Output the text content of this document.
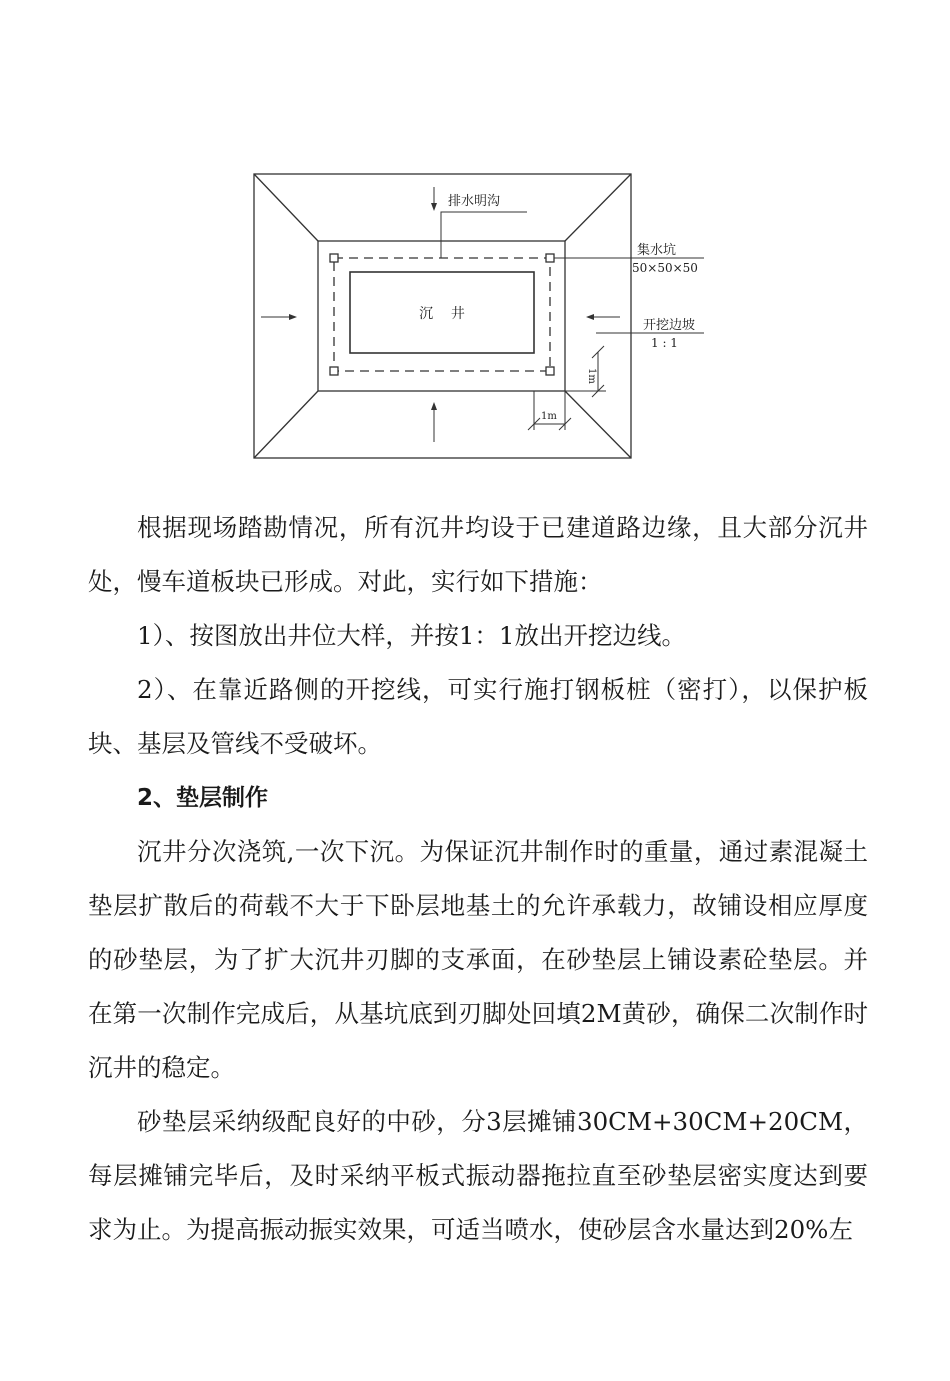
排水明沟
集水坑
50×50×50
沉    井
开挖边坡
1 : 1
1m
1m

根据现场踏勘情况，所有沉井均设于已建道路边缘，且大部分沉井处，慢车道板块已形成。对此，实行如下措施：

1）、按图放出井位大样，并按1：1放出开挖边线。

2）、在靠近路侧的开挖线，可实行施打钢板桩（密打），以保护板块、基层及管线不受破坏。

2、垫层制作

沉井分次浇筑,一次下沉。为保证沉井制作时的重量，通过素混凝土垫层扩散后的荷载不大于下卧层地基土的允许承载力，故铺设相应厚度的砂垫层，为了扩大沉井刃脚的支承面，在砂垫层上铺设素砼垫层。并在第一次制作完成后，从基坑底到刃脚处回填2M黄砂，确保二次制作时沉井的稳定。

砂垫层采纳级配良好的中砂，分3层摊铺30CM+30CM+20CM，每层摊铺完毕后，及时采纳平板式振动器拖拉直至砂垫层密实度达到要求为止。为提高振动振实效果，可适当喷水，使砂层含水量达到20%左
